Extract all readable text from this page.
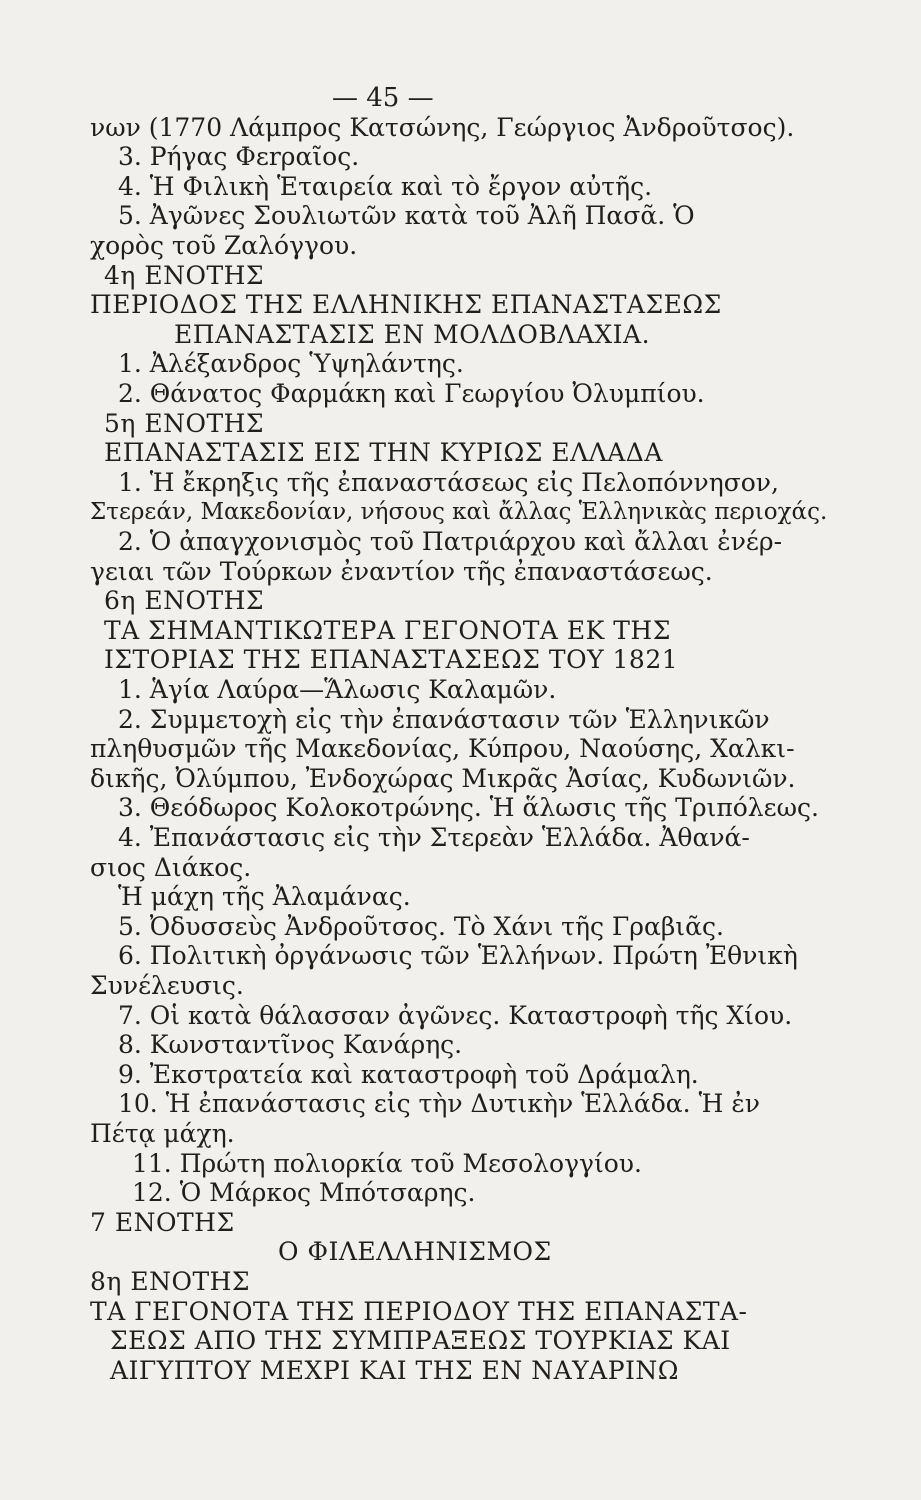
— 45 —
νων (1770 Λάμπρος Κατσώνης, Γεώργιος Ἀνδροῦτσος).
3. Ρήγας Φεrραῖος.
4. Ἡ Φιλικὴ Ἑταιρεία καὶ τὸ ἔργον αὐτῆς.
5. Ἀγῶνες Σουλιωτῶν κατὰ τοῦ Ἀλῆ Πασᾶ. Ὁ
χορὸς τοῦ Ζαλόγγου.
4η ΕΝΟΤΗΣ
ΠΕΡΙΟΔΟΣ ΤΗΣ ΕΛΛΗΝΙΚΗΣ ΕΠΑΝΑΣΤΑΣΕΩΣ
ΕΠΑΝΑΣΤΑΣΙΣ ΕΝ ΜΟΛΔΟΒΛΑΧΙΑ.
1. Ἀλέξανδρος Ὑψηλάντης.
2. Θάνατος Φαρμάκη καὶ Γεωργίου Ὀλυμπίου.
5η ΕΝΟΤΗΣ
ΕΠΑΝΑΣΤΑΣΙΣ ΕΙΣ ΤΗΝ ΚΥΡΙΩΣ ΕΛΛΑΔΑ
1. Ἡ ἔκρηξις τῆς ἐπαναστάσεως εἰς Πελοπόννησον,
Στερεάν, Μακεδονίαν, νήσους καὶ ἄλλας Ἑλληνικὰς περιοχάς.
2. Ὁ ἀπαγχονισμὸς τοῦ Πατριάρχου καὶ ἄλλαι ἐνέρ-
γειαι τῶν Τούρκων ἐναντίον τῆς ἐπαναστάσεως.
6η ΕΝΟΤΗΣ
ΤΑ ΣΗΜΑΝΤΙΚΩΤΕΡΑ ΓΕΓΟΝΟΤΑ ΕΚ ΤΗΣ
ΙΣΤΟΡΙΑΣ ΤΗΣ ΕΠΑΝΑΣΤΑΣΕΩΣ ΤΟΥ 1821
1. Ἁγία Λαύρα—Ἅλωσις Καλαμῶν.
2. Συμμετοχὴ εἰς τὴν ἐπανάστασιν τῶν Ἑλληνικῶν
πληθυσμῶν τῆς Μακεδονίας, Κύπρου, Ναούσης, Χαλκι-
δικῆς, Ὀλύμπου, Ἐνδοχώρας Μικρᾶς Ἀσίας, Κυδωνιῶν.
3. Θεόδωρος Κολοκοτρώνης. Ἡ ἅλωσις τῆς Τριπόλεως.
4. Ἐπανάστασις εἰς τὴν Στερεὰν Ἑλλάδα. Ἀθανά-
σιος Διάκος.
Ἡ μάχη τῆς Ἀλαμάνας.
5. Ὀδυσσεὺς Ἀνδροῦτσος. Τὸ Χάνι τῆς Γραβιᾶς.
6. Πολιτικὴ ὀργάνωσις τῶν Ἑλλήνων. Πρώτη Ἐθνικὴ
Συνέλευσις.
7. Οἱ κατὰ θάλασσαν ἀγῶνες. Καταστροφὴ τῆς Χίου.
8. Κωνσταντῖνος Κανάρης.
9. Ἐκστρατεία καὶ καταστροφὴ τοῦ Δράμαλη.
10. Ἡ ἐπανάστασις εἰς τὴν Δυτικὴν Ἑλλάδα. Ἡ ἐν
Πέτᾳ μάχη.
11. Πρώτη πολιορκία τοῦ Μεσολογγίου.
12. Ὁ Μάρκος Μπότσαρης.
7 ΕΝΟΤΗΣ
Ο ΦΙΛΕΛΛΗΝΙΣΜΟΣ
8η ΕΝΟΤΗΣ
ΤΑ ΓΕΓΟΝΟΤΑ ΤΗΣ ΠΕΡΙΟΔΟΥ ΤΗΣ ΕΠΑΝΑΣΤΑ-
ΣΕΩΣ ΑΠΟ ΤΗΣ ΣΥΜΠΡΑΞΕΩΣ ΤΟΥΡΚΙΑΣ ΚΑΙ
ΑΙΓΥΠΤΟΥ ΜΕΧΡΙ ΚΑΙ ΤΗΣ ΕΝ ΝΑΥΑΡΙΝΩ
